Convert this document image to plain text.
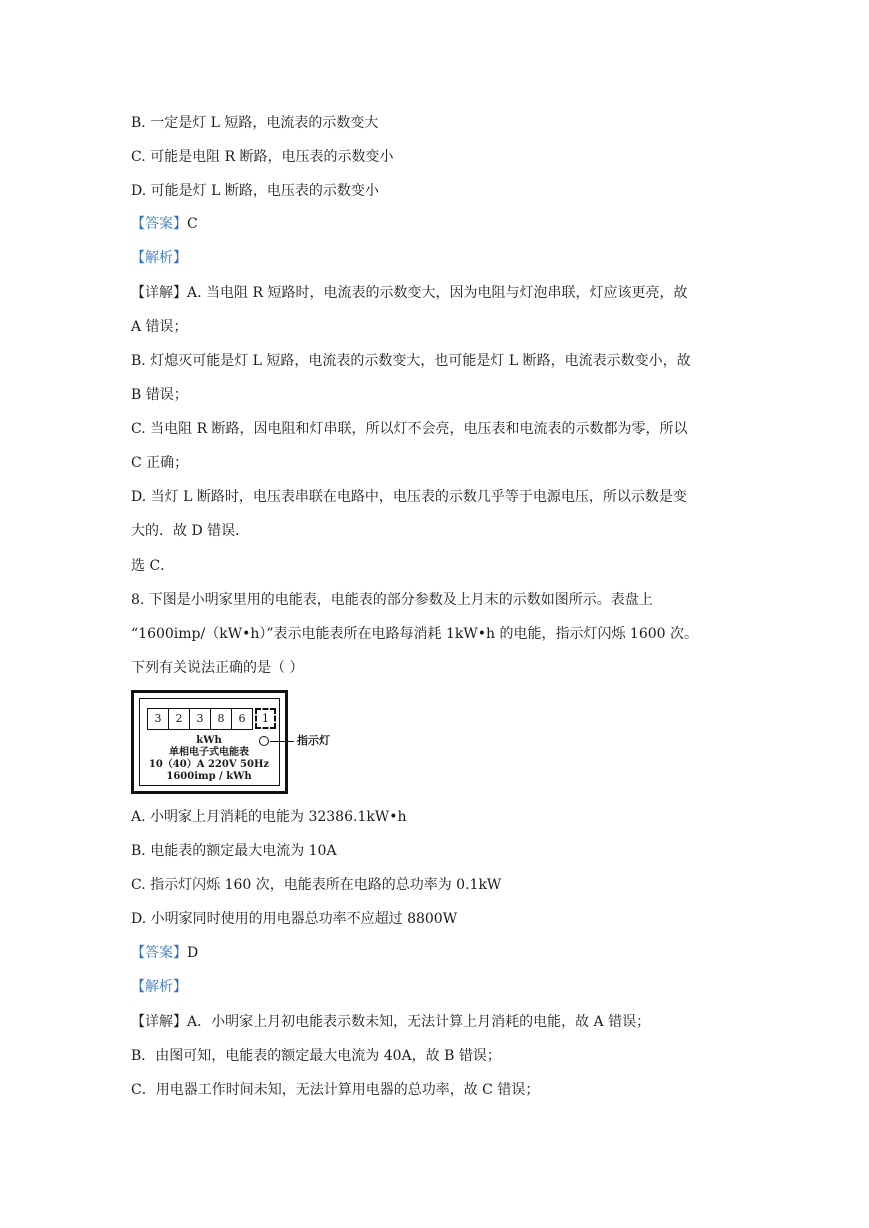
B. 一定是灯 L 短路，电流表的示数变大
C. 可能是电阻 R 断路，电压表的示数变小
D. 可能是灯 L 断路，电压表的示数变小
【答案】C
【解析】
【详解】A. 当电阻 R 短路时，电流表的示数变大，因为电阻与灯泡串联，灯应该更亮，故
A 错误；
B. 灯熄灭可能是灯 L 短路，电流表的示数变大，也可能是灯 L 断路，电流表示数变小，故
B 错误；
C. 当电阻 R 断路，因电阻和灯串联，所以灯不会亮，电压表和电流表的示数都为零，所以
C 正确；
D. 当灯 L 断路时，电压表串联在电路中，电压表的示数几乎等于电源电压，所以示数是变
大的．故 D 错误．
选 C．
8. 下图是小明家里用的电能表，电能表的部分参数及上月末的示数如图所示。表盘上
“1600imp/（kW•h）”表示电能表所在电路每消耗 1kW•h 的电能，指示灯闪烁 1600 次。
下列有关说法正确的是（ ）
3	2	3	8	6	1
kWh
单相电子式电能表
10（40）A 220V 50Hz
1600imp / kWh
指示灯
A. 小明家上月消耗的电能为 32386.1kW•h
B. 电能表的额定最大电流为 10A
C. 指示灯闪烁 160 次，电能表所在电路的总功率为 0.1kW
D. 小明家同时使用的用电器总功率不应超过 8800W
【答案】D
【解析】
【详解】A．小明家上月初电能表示数未知，无法计算上月消耗的电能，故 A 错误；
B．由图可知，电能表的额定最大电流为 40A，故 B 错误；
C．用电器工作时间未知，无法计算用电器的总功率，故 C 错误；
